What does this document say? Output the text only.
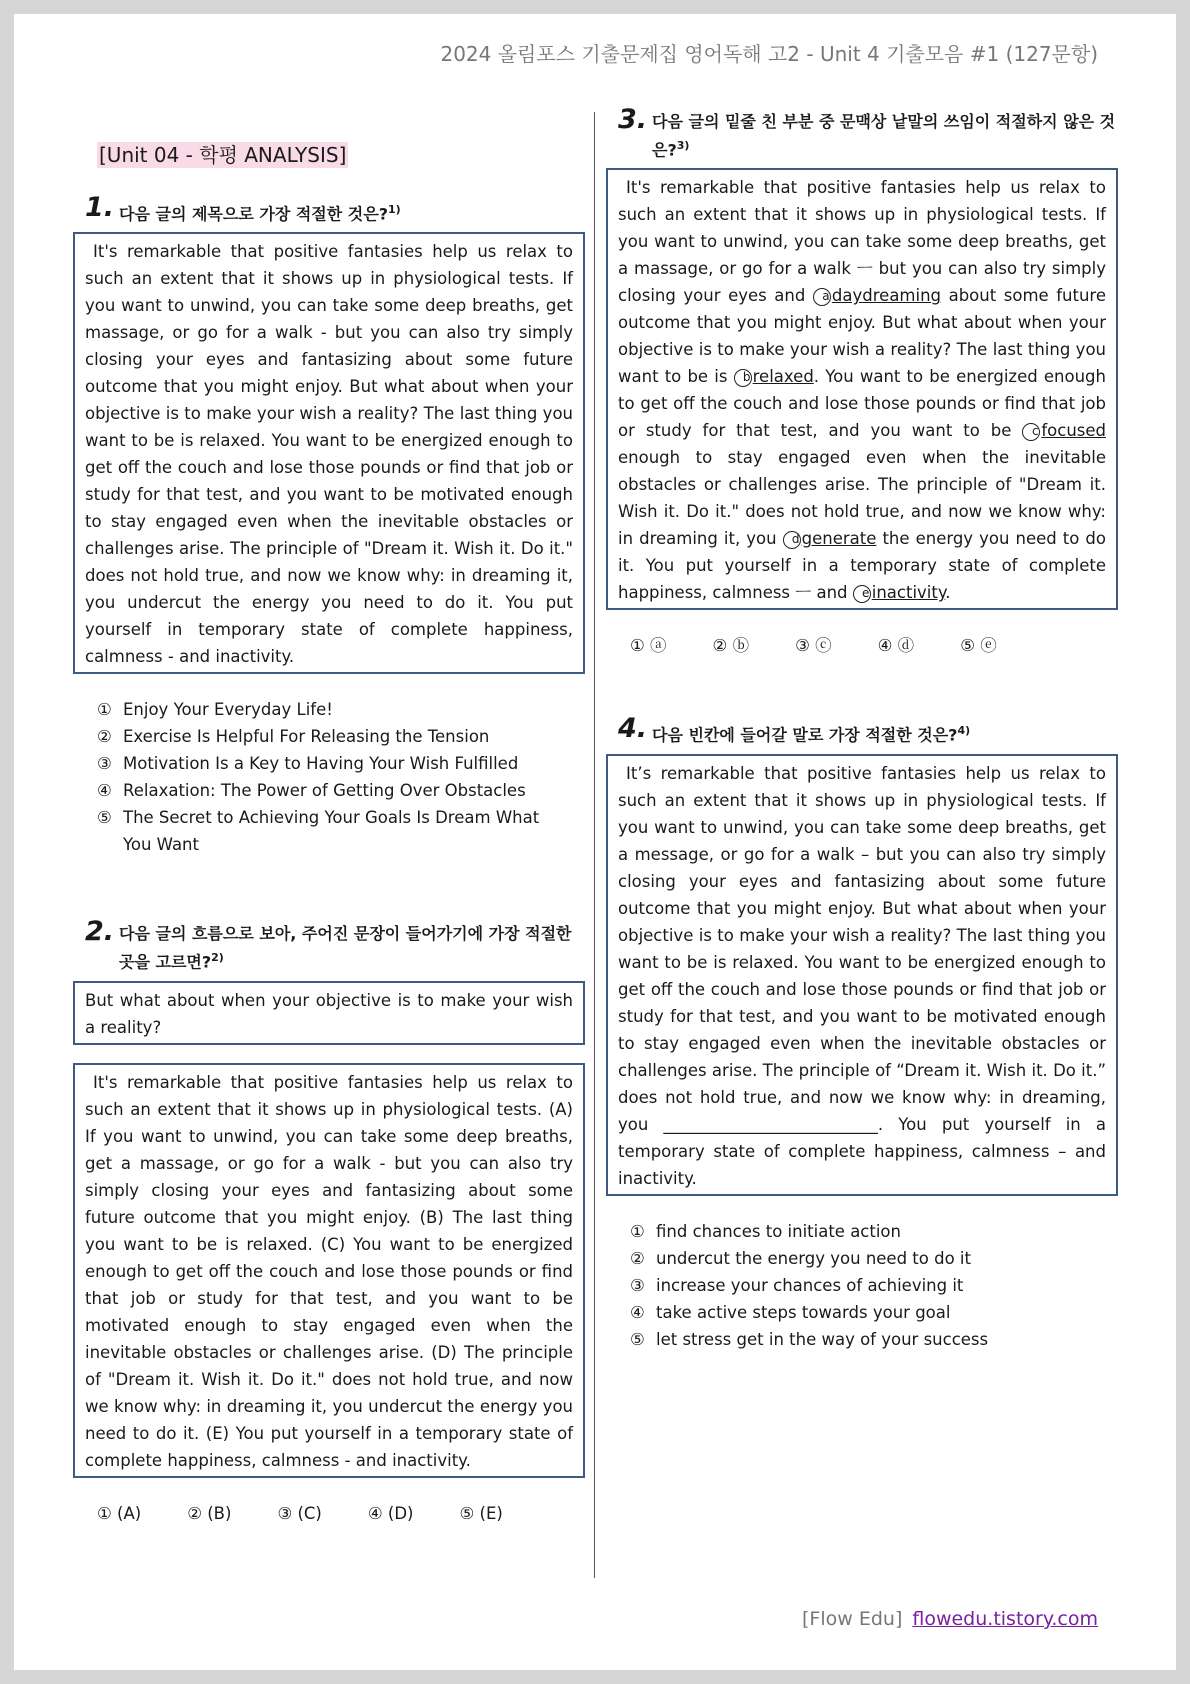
2024 올림포스 기출문제집 영어독해 고2 - Unit 4 기출모음 #1 (127문항)
[Unit 04 - 학평 ANALYSIS]
1. 다음 글의 제목으로 가장 적절한 것은?$^{1)}$

It's remarkable that positive fantasies help us relax to such an extent that it shows up in physiological tests. If you want to unwind, you can take some deep breaths, get massage, or go for a walk - but you can also try simply closing your eyes and fantasizing about some future outcome that you might enjoy. But what about when your objective is to make your wish a reality? The last thing you want to be is relaxed. You want to be energized enough to get off the couch and lose those pounds or find that job or study for that test, and you want to be motivated enough to stay engaged even when the inevitable obstacles or challenges arise. The principle of "Dream it. Wish it. Do it." does not hold true, and now we know why: in dreaming it, you undercut the energy you need to do it. You put yourself in temporary state of complete happiness, calmness - and inactivity.

① Enjoy Your Everyday Life!
② Exercise Is Helpful For Releasing the Tension
③ Motivation Is a Key to Having Your Wish Fulfilled
④ Relaxation: The Power of Getting Over Obstacles
⑤ The Secret to Achieving Your Goals Is Dream What You Want
2. 다음 글의 흐름으로 보아, 주어진 문장이 들어가기에 가장 적절한 곳을 고르면?$^{2)}$

But what about when your objective is to make your wish a reality?

It's remarkable that positive fantasies help us relax to such an extent that it shows up in physiological tests. (A) If you want to unwind, you can take some deep breaths, get a massage, or go for a walk - but you can also try simply closing your eyes and fantasizing about some future outcome that you might enjoy. (B) The last thing you want to be is relaxed. (C) You want to be energized enough to get off the couch and lose those pounds or find that job or study for that test, and you want to be motivated enough to stay engaged even when the inevitable obstacles or challenges arise. (D) The principle of "Dream it. Wish it. Do it." does not hold true, and now we know why: in dreaming it, you undercut the energy you need to do it. (E) You put yourself in a temporary state of complete happiness, calmness - and inactivity.

① (A)	② (B)	③ (C)	④ (D)	⑤ (E)
3. 다음 글의 밑줄 친 부분 중 문맥상 낱말의 쓰임이 적절하지 않은 것은?$^{3)}$

It's remarkable that positive fantasies help us relax to such an extent that it shows up in physiological tests. If you want to unwind, you can take some deep breaths, get a massage, or go for a walk ㅡ but you can also try simply closing your eyes and a daydreaming about some future outcome that you might enjoy. But what about when your objective is to make your wish a reality? The last thing you want to be is b relaxed. You want to be energized enough to get off the couch and lose those pounds or find that job or study for that test, and you want to be c focused enough to stay engaged even when the inevitable obstacles or challenges arise. The principle of "Dream it. Wish it. Do it." does not hold true, and now we know why: in dreaming it, you d generate the energy you need to do it. You put yourself in a temporary state of complete happiness, calmness ㅡ and e inactivity.

① ⓐ	② ⓑ	③ ⓒ	④ ⓓ	⑤ ⓔ
4. 다음 빈칸에 들어갈 말로 가장 적절한 것은?$^{4)}$

It’s remarkable that positive fantasies help us relax to such an extent that it shows up in physiological tests. If you want to unwind, you can take some deep breaths, get a message, or go for a walk – but you can also try simply closing your eyes and fantasizing about some future outcome that you might enjoy. But what about when your objective is to make your wish a reality? The last thing you want to be is relaxed. You want to be energized enough to get off the couch and lose those pounds or find that job or study for that test, and you want to be motivated enough to stay engaged even when the inevitable obstacles or challenges arise. The principle of “Dream it. Wish it. Do it.” does not hold true, and now we know why: in dreaming, you __________________________. You put yourself in a temporary state of complete happiness, calmness – and inactivity.

① find chances to initiate action
② undercut the energy you need to do it
③ increase your chances of achieving it
④ take active steps towards your goal
⑤ let stress get in the way of your success
[Flow Edu] flowedu.tistory.com
